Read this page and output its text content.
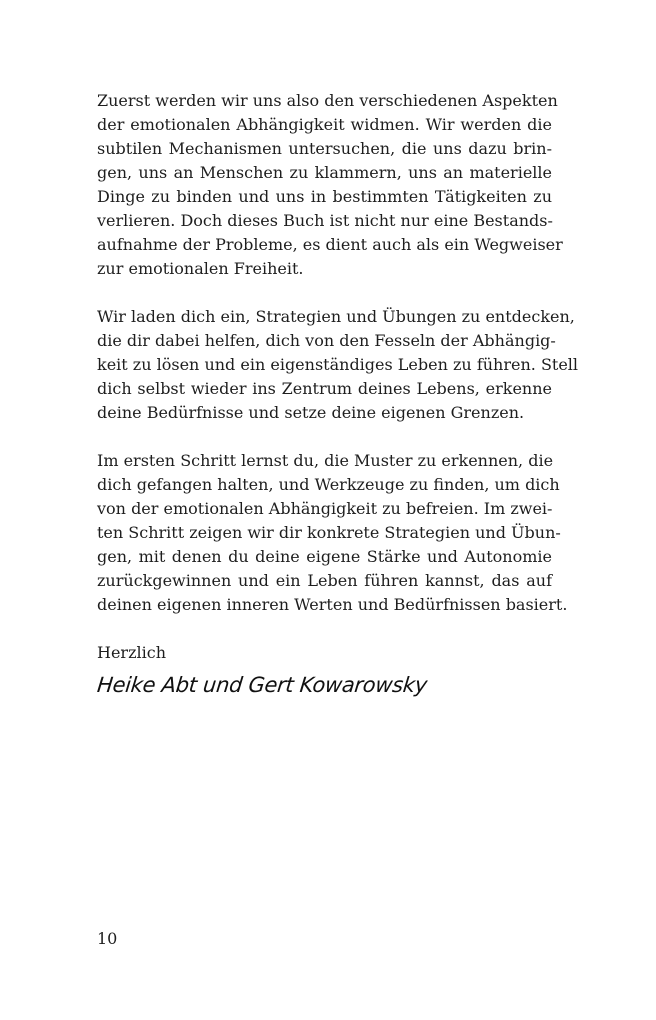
Zuerst werden wir uns also den verschiedenen Aspekten
der emotionalen Abhängigkeit widmen. Wir werden die
subtilen Mechanismen untersuchen, die uns dazu brin-
gen, uns an Menschen zu klammern, uns an materielle
Dinge zu binden und uns in bestimmten Tätigkeiten zu
verlieren. Doch dieses Buch ist nicht nur eine Bestands-
aufnahme der Probleme, es dient auch als ein Wegweiser
zur emotionalen Freiheit.
Wir laden dich ein, Strategien und Übungen zu entdecken,
die dir dabei helfen, dich von den Fesseln der Abhängig-
keit zu lösen und ein eigenständiges Leben zu führen. Stell
dich selbst wieder ins Zentrum deines Lebens, erkenne
deine Bedürfnisse und setze deine eigenen Grenzen.
Im ersten Schritt lernst du, die Muster zu erkennen, die
dich gefangen halten, und Werkzeuge zu finden, um dich
von der emotionalen Abhängigkeit zu befreien. Im zwei-
ten Schritt zeigen wir dir konkrete Strategien und Übun-
gen, mit denen du deine eigene Stärke und Autonomie
zurückgewinnen und ein Leben führen kannst, das auf
deinen eigenen inneren Werten und Bedürfnissen basiert.

Herzlich

Heike Abt und Gert Kowarowsky
10
